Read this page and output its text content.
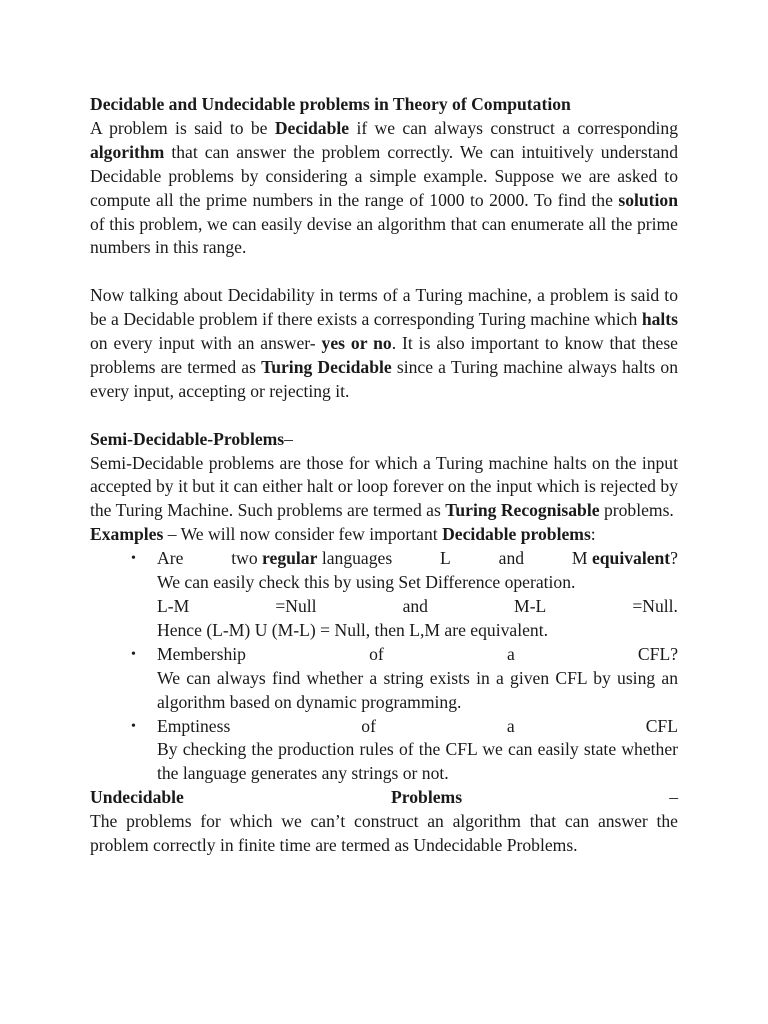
Decidable and Undecidable problems in Theory of Computation

A problem is said to be Decidable if we can always construct a corresponding algorithm that can answer the problem correctly. We can intuitively understand Decidable problems by considering a simple example. Suppose we are asked to compute all the prime numbers in the range of 1000 to 2000. To find the solution of this problem, we can easily devise an algorithm that can enumerate all the prime numbers in this range.

Now talking about Decidability in terms of a Turing machine, a problem is said to be a Decidable problem if there exists a corresponding Turing machine which halts on every input with an answer- yes or no. It is also important to know that these problems are termed as Turing Decidable since a Turing machine always halts on every input, accepting or rejecting it.

Semi-Decidable-Problems–

Semi-Decidable problems are those for which a Turing machine halts on the input accepted by it but it can either halt or loop forever on the input which is rejected by the Turing Machine. Such problems are termed as Turing Recognisable problems.

Examples – We will now consider few important Decidable problems:

• Are	two regular languages	L	and	M equivalent?

We can easily check this by using Set Difference operation.

L-M	=Null	and	M-L	=Null.

Hence (L-M) U (M-L) = Null, then L,M are equivalent.

• Membership	of	a	CFL?

We can always find whether a string exists in a given CFL by using an algorithm based on dynamic programming.

• Emptiness	of	a	CFL

By checking the production rules of the CFL we can easily state whether the language generates any strings or not.

Undecidable	Problems	–

The problems for which we can’t construct an algorithm that can answer the problem correctly in finite time are termed as Undecidable Problems.
